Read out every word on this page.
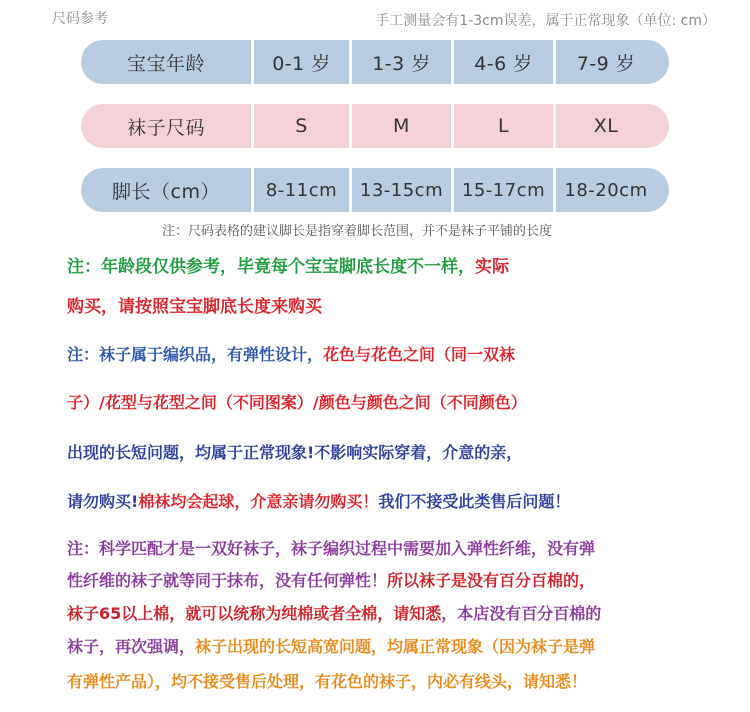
尺码参考	手工测量会有1-3cm误差，属于正常现象（单位: cm）
宝宝年龄	0-1 岁	1-3 岁	4-6 岁	7-9 岁
袜子尺码	S	M	L	XL
脚长（cm）	8-11cm	13-15cm	15-17cm	18-20cm
注：尺码表格的建议脚长是指穿着脚长范围，并不是袜子平铺的长度
注：年龄段仅供参考，毕竟每个宝宝脚底长度不一样，实际
购买，请按照宝宝脚底长度来购买
注：袜子属于编织品，有弹性设计，花色与花色之间（同一双袜
子）/花型与花型之间（不同图案）/颜色与颜色之间（不同颜色）
出现的长短问题，均属于正常现象!不影响实际穿着，介意的亲，
请勿购买!棉袜均会起球，介意亲请勿购买！我们不接受此类售后问题！
注：科学匹配才是一双好袜子，袜子编织过程中需要加入弹性纤维，没有弹
性纤维的袜子就等同于抹布，没有任何弹性！所以袜子是没有百分百棉的，
袜子65以上棉，就可以统称为纯棉或者全棉，请知悉，本店没有百分百棉的
袜子，再次强调，袜子出现的长短高宽问题，均属正常现象（因为袜子是弹
有弹性产品），均不接受售后处理，有花色的袜子，内必有线头，请知悉！
